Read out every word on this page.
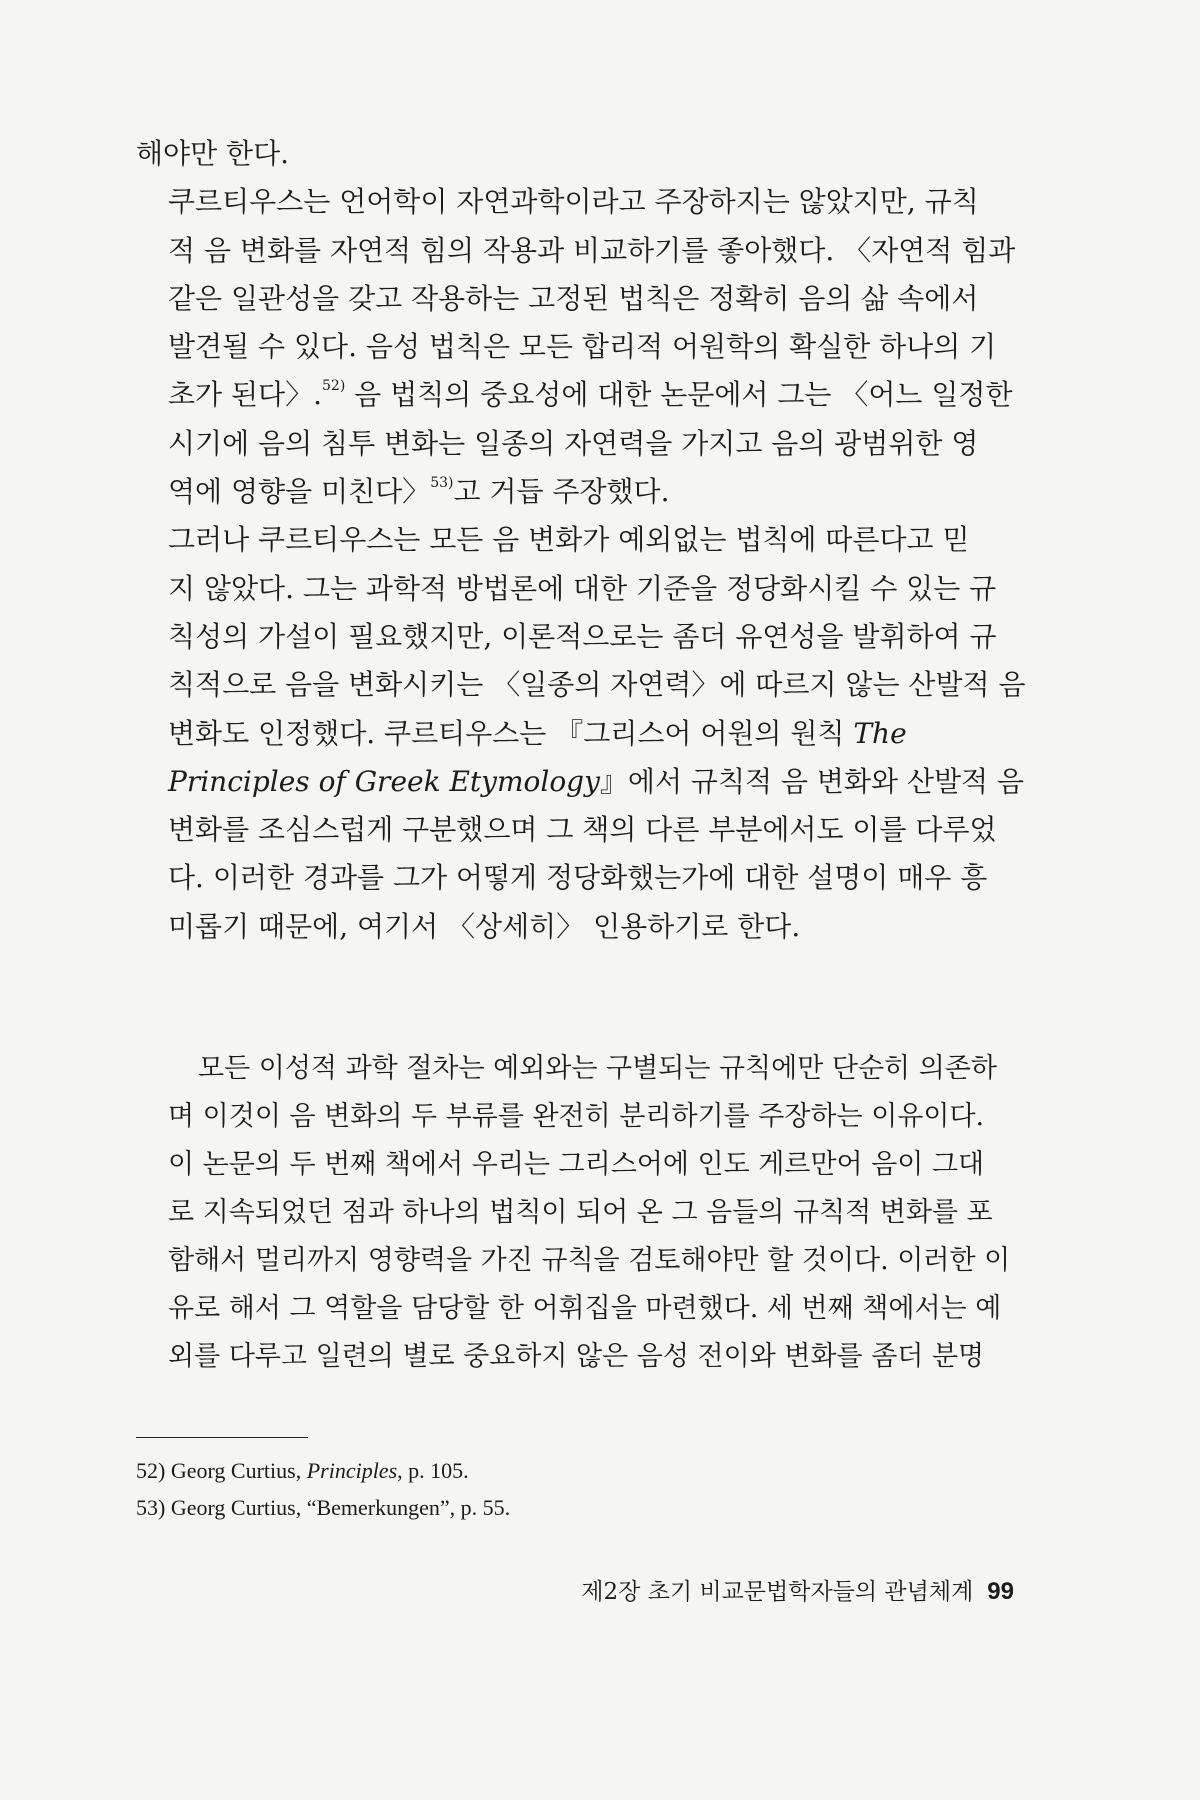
해야만 한다.

쿠르티우스는 언어학이 자연과학이라고 주장하지는 않았지만, 규칙
적 음 변화를 자연적 힘의 작용과 비교하기를 좋아했다. 〈자연적 힘과
같은 일관성을 갖고 작용하는 고정된 법칙은 정확히 음의 삶 속에서
발견될 수 있다. 음성 법칙은 모든 합리적 어원학의 확실한 하나의 기
초가 된다〉.$^{52)}$ 음 법칙의 중요성에 대한 논문에서 그는 〈어느 일정한
시기에 음의 침투 변화는 일종의 자연력을 가지고 음의 광범위한 영
역에 영향을 미친다〉$^{53)}$고 거듭 주장했다.

그러나 쿠르티우스는 모든 음 변화가 예외없는 법칙에 따른다고 믿
지 않았다. 그는 과학적 방법론에 대한 기준을 정당화시킬 수 있는 규
칙성의 가설이 필요했지만, 이론적으로는 좀더 유연성을 발휘하여 규
칙적으로 음을 변화시키는 〈일종의 자연력〉에 따르지 않는 산발적 음
변화도 인정했다. 쿠르티우스는 『그리스어 어원의 원칙 The
Principles of Greek Etymology』에서 규칙적 음 변화와 산발적 음
변화를 조심스럽게 구분했으며 그 책의 다른 부분에서도 이를 다루었
다. 이러한 경과를 그가 어떻게 정당화했는가에 대한 설명이 매우 흥
미롭기 때문에, 여기서 〈상세히〉 인용하기로 한다.

모든 이성적 과학 절차는 예외와는 구별되는 규칙에만 단순히 의존하
며 이것이 음 변화의 두 부류를 완전히 분리하기를 주장하는 이유이다.
이 논문의 두 번째 책에서 우리는 그리스어에 인도 게르만어 음이 그대
로 지속되었던 점과 하나의 법칙이 되어 온 그 음들의 규칙적 변화를 포
함해서 멀리까지 영향력을 가진 규칙을 검토해야만 할 것이다. 이러한 이
유로 해서 그 역할을 담당할 한 어휘집을 마련했다. 세 번째 책에서는 예
외를 다루고 일련의 별로 중요하지 않은 음성 전이와 변화를 좀더 분명
52) Georg Curtius, Principles, p. 105.
53) Georg Curtius, “Bemerkungen”, p. 55.
제2장 초기 비교문법학자들의 관념체계 99
